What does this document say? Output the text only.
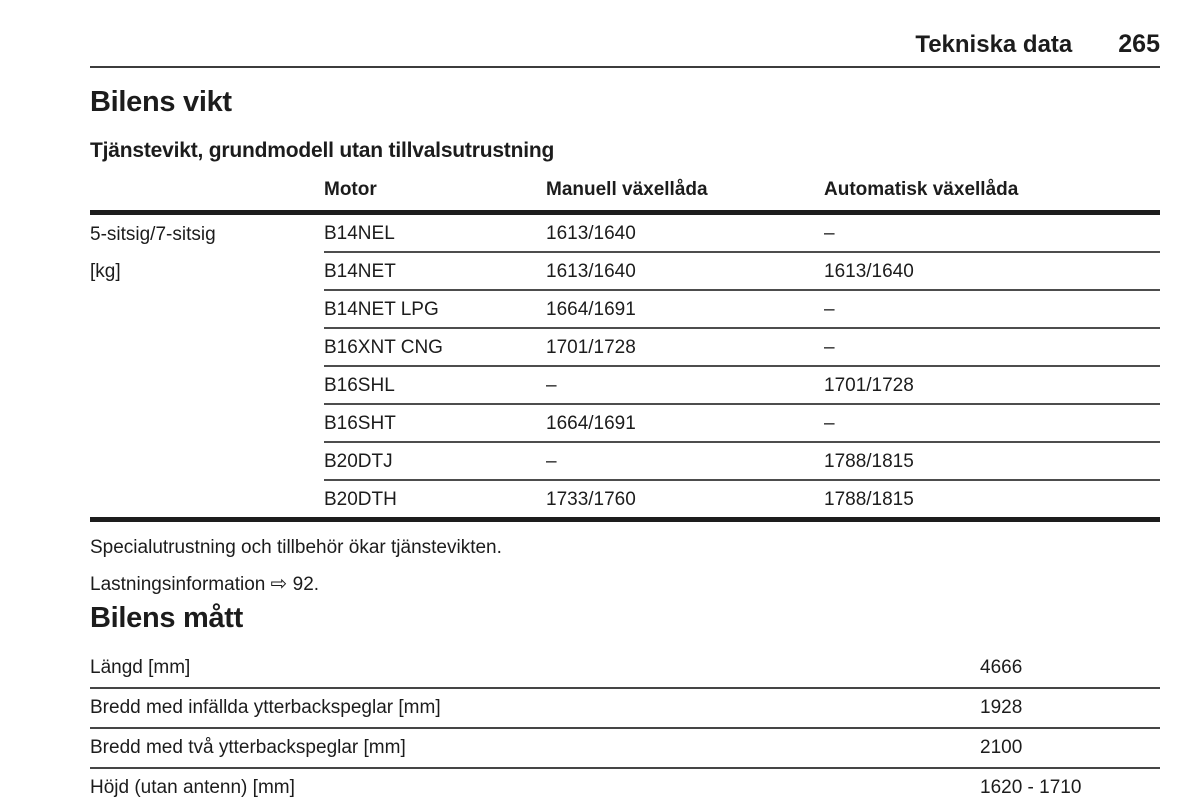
Tekniska data 265
Bilens vikt
Tjänstevikt, grundmodell utan tillvalsutrustning
Motor	Manuell växellåda	Automatisk växellåda
5-sitsig/7-sitsig
[kg]
B14NEL	1613/1640	–
B14NET	1613/1640	1613/1640
B14NET LPG	1664/1691	–
B16XNT CNG	1701/1728	–
B16SHL	–	1701/1728
B16SHT	1664/1691	–
B20DTJ	–	1788/1815
B20DTH	1733/1760	1788/1815

Specialutrustning och tillbehör ökar tjänstevikten.

Lastningsinformation ⇨ 92.

Bilens mått
Längd [mm]	4666
Bredd med infällda ytterbackspeglar [mm]	1928
Bredd med två ytterbackspeglar [mm]	2100
Höjd (utan antenn) [mm]	1620 - 1710
